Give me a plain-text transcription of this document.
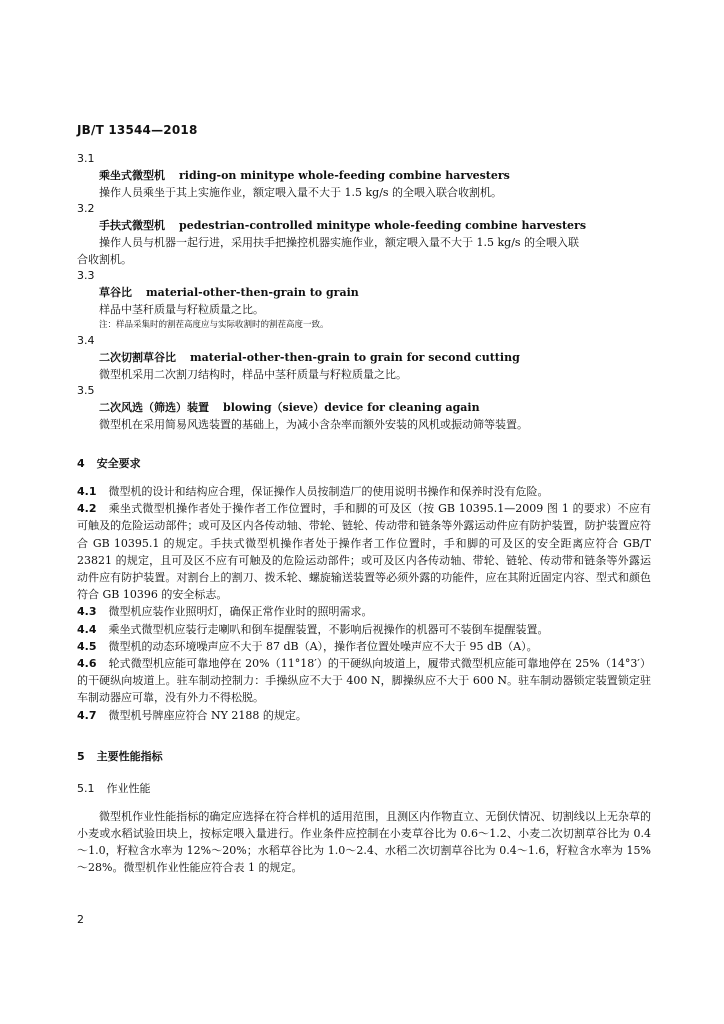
JB/T 13544—2018

3.1

乘坐式微型机 riding-on minitype whole-feeding combine harvesters

操作人员乘坐于其上实施作业，额定喂入量不大于 1.5 kg/s 的全喂入联合收割机。

3.2

手扶式微型机 pedestrian-controlled minitype whole-feeding combine harvesters

操作人员与机器一起行进，采用扶手把操控机器实施作业，额定喂入量不大于 1.5 kg/s 的全喂入联

合收割机。

3.3

草谷比 material-other-then-grain to grain

样品中茎秆质量与籽粒质量之比。

注：样品采集时的割茬高度应与实际收割时的割茬高度一致。

3.4

二次切割草谷比 material-other-then-grain to grain for second cutting

微型机采用二次割刀结构时，样品中茎秆质量与籽粒质量之比。

3.5

二次风选（筛选）装置 blowing（sieve）device for cleaning again

微型机在采用简易风选装置的基础上，为减小含杂率而额外安装的风机或振动筛等装置。

4 安全要求

4.1 微型机的设计和结构应合理，保证操作人员按制造厂的使用说明书操作和保养时没有危险。

4.2 乘坐式微型机操作者处于操作者工作位置时，手和脚的可及区（按 GB 10395.1—2009 图 1 的要求）不应有可触及的危险运动部件；或可及区内各传动轴、带轮、链轮、传动带和链条等外露运动件应有防护装置，防护装置应符合 GB 10395.1 的规定。手扶式微型机操作者处于操作者工作位置时，手和脚的可及区的安全距离应符合 GB/T 23821 的规定，且可及区不应有可触及的危险运动部件；或可及区内各传动轴、带轮、链轮、传动带和链条等外露运动件应有防护装置。对割台上的割刀、拨禾轮、螺旋输送装置等必须外露的功能件，应在其附近固定内容、型式和颜色符合 GB 10396 的安全标志。

4.3 微型机应装作业照明灯，确保正常作业时的照明需求。

4.4 乘坐式微型机应装行走喇叭和倒车提醒装置，不影响后视操作的机器可不装倒车提醒装置。

4.5 微型机的动态环境噪声应不大于 87 dB（A），操作者位置处噪声应不大于 95 dB（A）。

4.6 轮式微型机应能可靠地停在 20%（11°18′）的干硬纵向坡道上，履带式微型机应能可靠地停在 25%（14°3′）的干硬纵向坡道上。驻车制动控制力：手操纵应不大于 400 N，脚操纵应不大于 600 N。驻车制动器锁定装置锁定驻车制动器应可靠，没有外力不得松脱。

4.7 微型机号牌座应符合 NY 2188 的规定。

5 主要性能指标

5.1 作业性能

微型机作业性能指标的确定应选择在符合样机的适用范围，且测区内作物直立、无倒伏情况、切割线以上无杂草的小麦或水稻试验田块上，按标定喂入量进行。作业条件应控制在小麦草谷比为 0.6～1.2、小麦二次切割草谷比为 0.4～1.0，籽粒含水率为 12%～20%；水稻草谷比为 1.0～2.4、水稻二次切割草谷比为 0.4～1.6，籽粒含水率为 15%～28%。微型机作业性能应符合表 1 的规定。

2
